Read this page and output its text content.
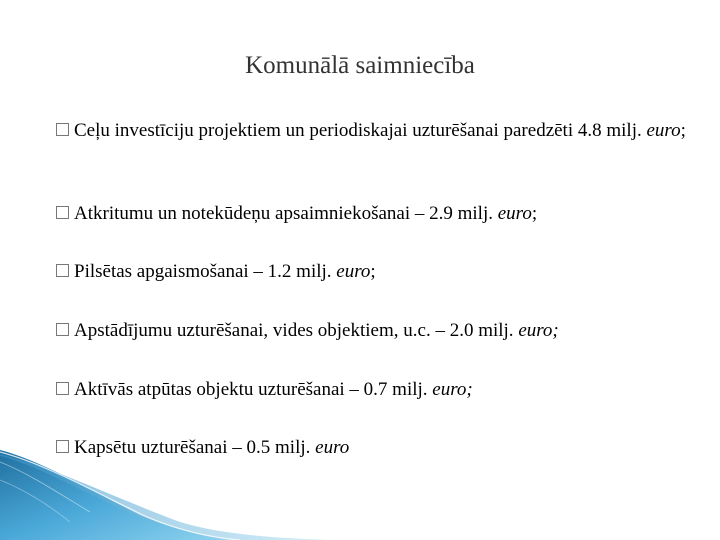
Komunālā saimniecība
Ceļu investīciju projektiem un periodiskajai uzturēšanai paredzēti 4.8 milj. euro;
Atkritumu un notekūdeņu apsaimniekošanai – 2.9 milj. euro;
Pilsētas apgaismošanai – 1.2 milj. euro;
Apstādījumu uzturēšanai, vides objektiem, u.c. – 2.0 milj. euro;
Aktīvās atpūtas objektu uzturēšanai – 0.7 milj. euro;
Kapsētu uzturēšanai – 0.5 milj. euro
